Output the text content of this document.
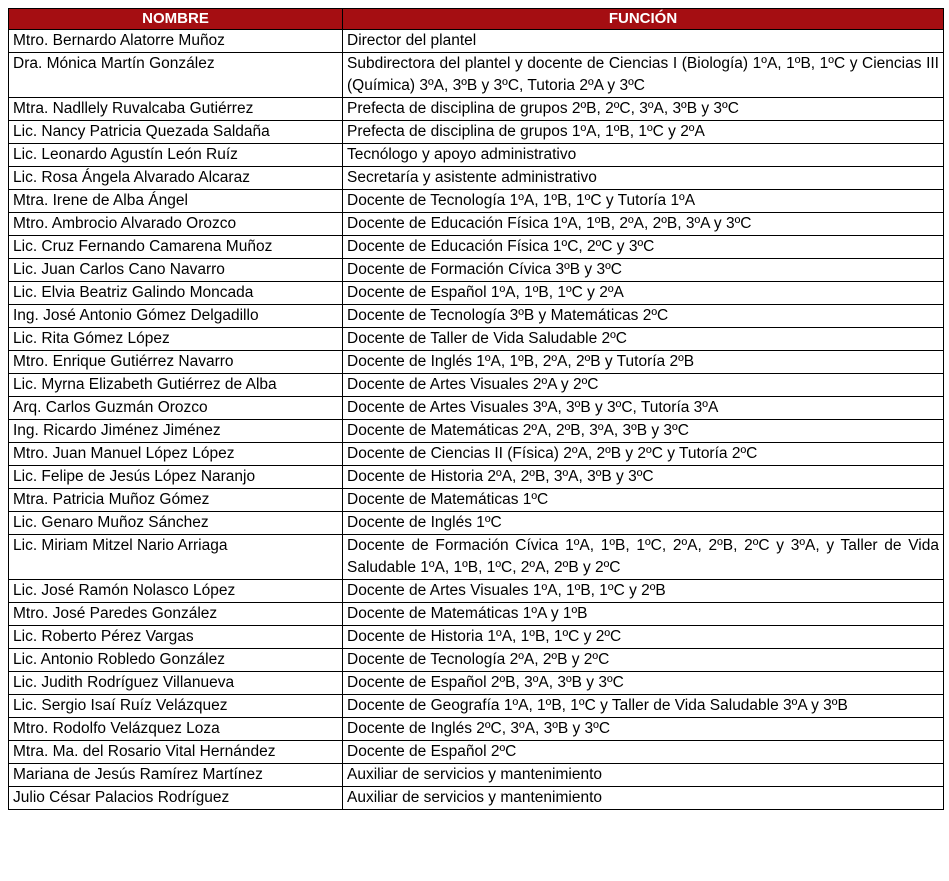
NOMBRE	FUNCIÓN
Mtro. Bernardo Alatorre Muñoz	Director del plantel
Dra. Mónica Martín González	Subdirectora del plantel y docente de Ciencias I (Biología) 1ºA, 1ºB, 1ºC y Ciencias III (Química) 3ºA, 3ºB y 3ºC, Tutoria 2ºA y 3ºC
Mtra. Nadllely Ruvalcaba Gutiérrez	Prefecta de disciplina de grupos 2ºB, 2ºC, 3ºA, 3ºB y 3ºC
Lic. Nancy Patricia Quezada Saldaña	Prefecta de disciplina de grupos 1ºA, 1ºB, 1ºC y 2ºA
Lic. Leonardo Agustín León Ruíz	Tecnólogo y apoyo administrativo
Lic. Rosa Ángela Alvarado Alcaraz	Secretaría y asistente administrativo
Mtra. Irene de Alba Ángel	Docente de Tecnología 1ºA, 1ºB, 1ºC y Tutoría 1ºA
Mtro. Ambrocio Alvarado Orozco	Docente de Educación Física 1ºA, 1ºB, 2ºA, 2ºB, 3ºA y 3ºC
Lic. Cruz Fernando Camarena Muñoz	Docente de Educación Física 1ºC, 2ºC y 3ºC
Lic. Juan Carlos Cano Navarro	Docente de Formación Cívica 3ºB y 3ºC
Lic. Elvia Beatriz Galindo Moncada	Docente de Español 1ºA, 1ºB, 1ºC y 2ºA
Ing. José Antonio Gómez Delgadillo	Docente de Tecnología 3ºB y Matemáticas 2ºC
Lic. Rita Gómez López	Docente de Taller de Vida Saludable 2ºC
Mtro. Enrique Gutiérrez Navarro	Docente de Inglés 1ºA, 1ºB, 2ºA, 2ºB y Tutoría 2ºB
Lic. Myrna Elizabeth Gutiérrez de Alba	Docente de Artes Visuales 2ºA y 2ºC
Arq. Carlos Guzmán Orozco	Docente de Artes Visuales 3ºA, 3ºB y 3ºC, Tutoría 3ºA
Ing. Ricardo Jiménez Jiménez	Docente de Matemáticas 2ºA, 2ºB, 3ºA, 3ºB y 3ºC
Mtro. Juan Manuel López López	Docente de Ciencias II (Física) 2ºA, 2ºB y 2ºC y Tutoría 2ºC
Lic. Felipe de Jesús López Naranjo	Docente de Historia 2ºA, 2ºB, 3ºA, 3ºB y 3ºC
Mtra. Patricia Muñoz Gómez	Docente de Matemáticas 1ºC
Lic. Genaro Muñoz Sánchez	Docente de Inglés 1ºC
Lic. Miriam Mitzel Nario Arriaga	Docente de Formación Cívica 1ºA, 1ºB, 1ºC, 2ºA, 2ºB, 2ºC y 3ºA, y Taller de Vida Saludable 1ºA, 1ºB, 1ºC, 2ºA, 2ºB y 2ºC
Lic. José Ramón Nolasco López	Docente de Artes Visuales 1ºA, 1ºB, 1ºC y 2ºB
Mtro. José Paredes González	Docente de Matemáticas 1ºA y 1ºB
Lic. Roberto Pérez Vargas	Docente de Historia 1ºA, 1ºB, 1ºC y 2ºC
Lic. Antonio Robledo González	Docente de Tecnología 2ºA, 2ºB y 2ºC
Lic. Judith Rodríguez Villanueva	Docente de Español 2ºB, 3ºA, 3ºB y 3ºC
Lic. Sergio Isaí Ruíz Velázquez	Docente de Geografía 1ºA, 1ºB, 1ºC y Taller de Vida Saludable 3ºA y 3ºB
Mtro. Rodolfo Velázquez Loza	Docente de Inglés 2ºC, 3ºA, 3ºB y 3ºC
Mtra. Ma. del Rosario Vital Hernández	Docente de Español 2ºC
Mariana de Jesús Ramírez Martínez	Auxiliar de servicios y mantenimiento
Julio César Palacios Rodríguez	Auxiliar de servicios y mantenimiento
